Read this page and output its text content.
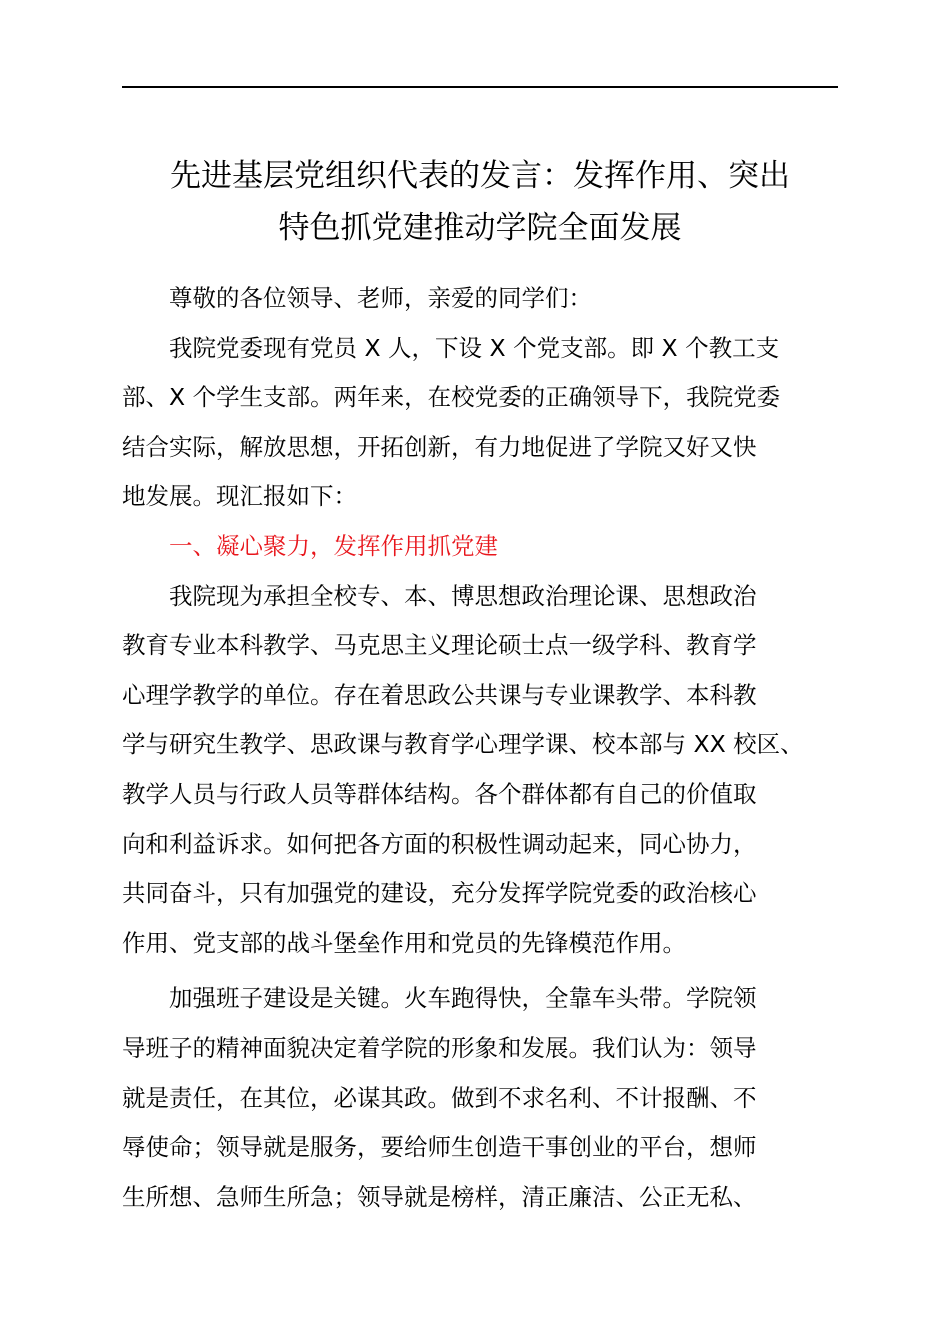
先进基层党组织代表的发言：发挥作用、突出
特色抓党建推动学院全面发展

尊敬的各位领导、老师，亲爱的同学们：

我院党委现有党员 X 人，下设 X 个党支部。即 X 个教工支

部、X 个学生支部。两年来，在校党委的正确领导下，我院党委
结合实际，解放思想，开拓创新，有力地促进了学院又好又快
地发展。现汇报如下：

一、凝心聚力，发挥作用抓党建

我院现为承担全校专、本、博思想政治理论课、思想政治

教育专业本科教学、马克思主义理论硕士点一级学科、教育学
心理学教学的单位。存在着思政公共课与专业课教学、本科教
学与研究生教学、思政课与教育学心理学课、校本部与 XX 校区、
教学人员与行政人员等群体结构。各个群体都有自己的价值取
向和利益诉求。如何把各方面的积极性调动起来，同心协力，
共同奋斗，只有加强党的建设，充分发挥学院党委的政治核心
作用、党支部的战斗堡垒作用和党员的先锋模范作用。

加强班子建设是关键。火车跑得快，全靠车头带。学院领

导班子的精神面貌决定着学院的形象和发展。我们认为：领导
就是责任，在其位，必谋其政。做到不求名利、不计报酬、不
辱使命；领导就是服务，要给师生创造干事创业的平台，想师
生所想、急师生所急；领导就是榜样，清正廉洁、公正无私、
